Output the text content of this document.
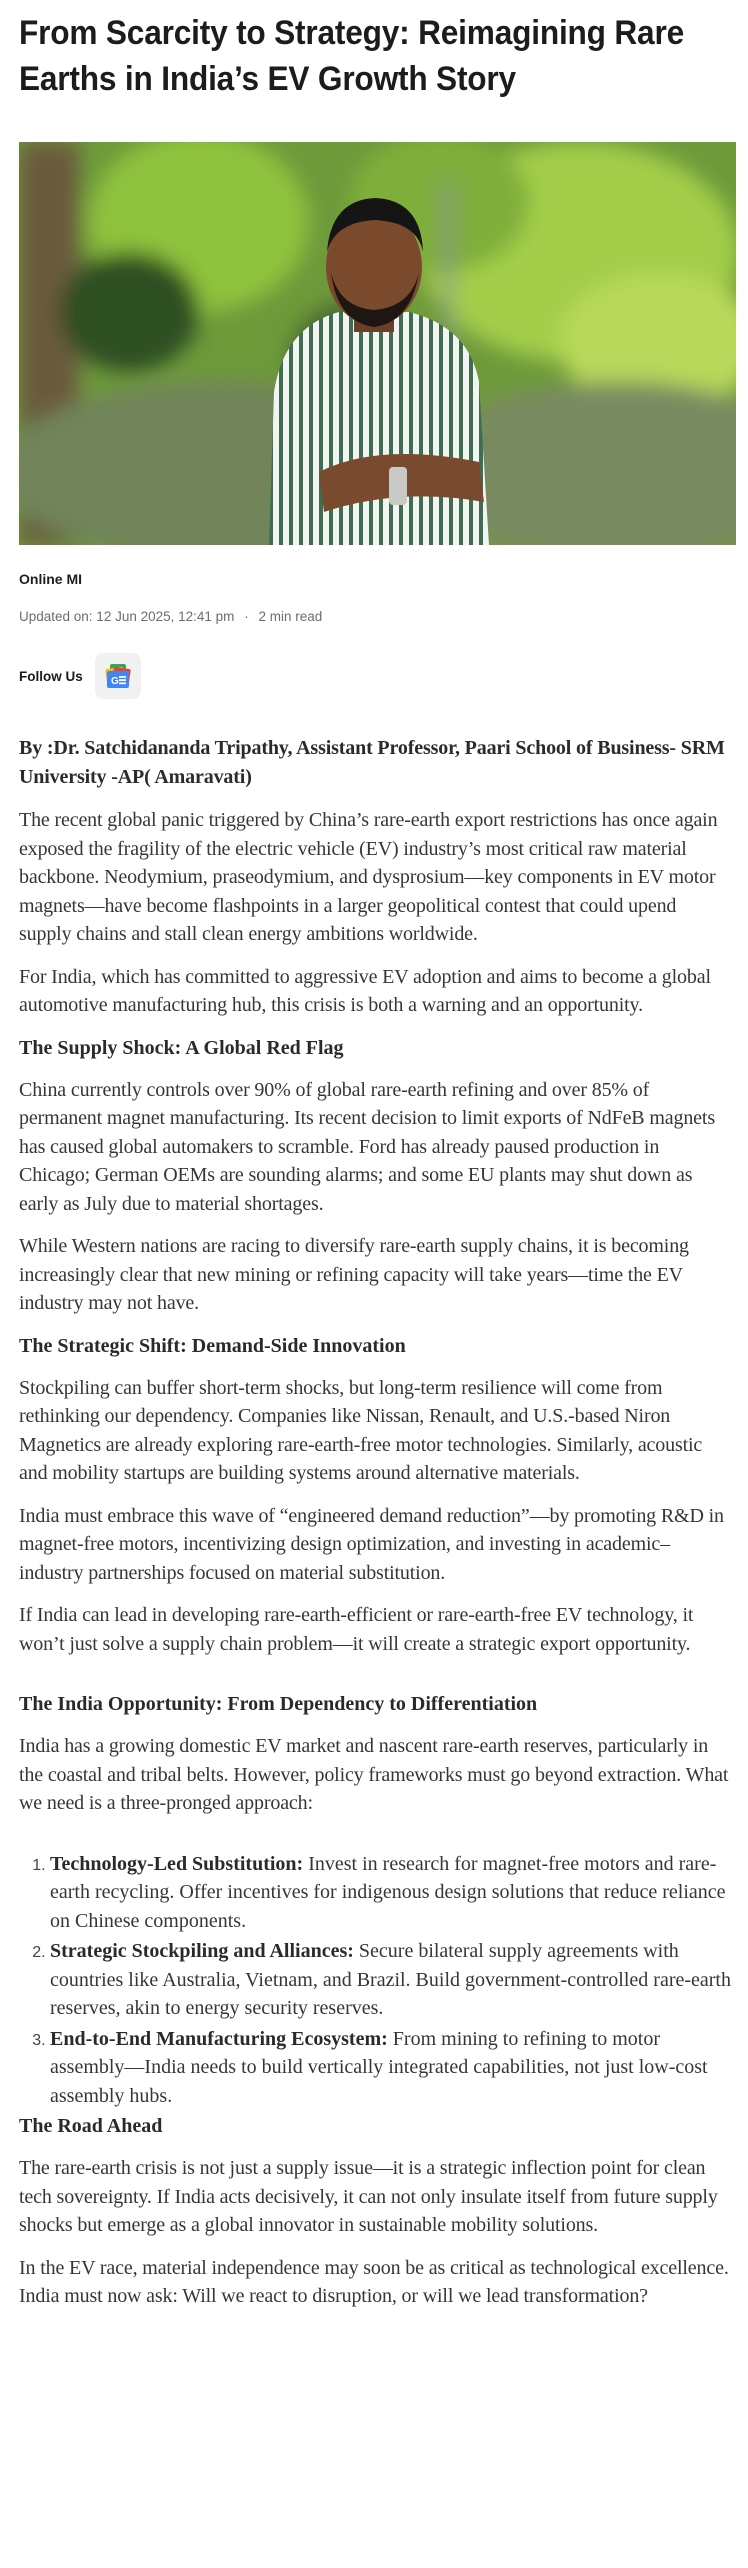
From Scarcity to Strategy: Reimagining Rare Earths in India’s EV Growth Story
Online MI
Updated on: 12 Jun 2025, 12:41 pm · 2 min read
Follow Us	G

By :Dr. Satchidananda Tripathy, Assistant Professor, Paari School of Business- SRM University -AP( Amaravati)

The recent global panic triggered by China’s rare-earth export restrictions has once again exposed the fragility of the electric vehicle (EV) industry’s most critical raw material backbone. Neodymium, praseodymium, and dysprosium—key components in EV motor magnets—have become flashpoints in a larger geopolitical contest that could upend supply chains and stall clean energy ambitions worldwide.

For India, which has committed to aggressive EV adoption and aims to become a global automotive manufacturing hub, this crisis is both a warning and an opportunity.

The Supply Shock: A Global Red Flag

China currently controls over 90% of global rare-earth refining and over 85% of permanent magnet manufacturing. Its recent decision to limit exports of NdFeB magnets has caused global automakers to scramble. Ford has already paused production in Chicago; German OEMs are sounding alarms; and some EU plants may shut down as early as July due to material shortages.

While Western nations are racing to diversify rare-earth supply chains, it is becoming increasingly clear that new mining or refining capacity will take years—time the EV industry may not have.

The Strategic Shift: Demand-Side Innovation

Stockpiling can buffer short-term shocks, but long-term resilience will come from rethinking our dependency. Companies like Nissan, Renault, and U.S.-based Niron Magnetics are already exploring rare-earth-free motor technologies. Similarly, acoustic and mobility startups are building systems around alternative materials.

India must embrace this wave of “engineered demand reduction”—by promoting R&D in magnet-free motors, incentivizing design optimization, and investing in academic–industry partnerships focused on material substitution.

If India can lead in developing rare-earth-efficient or rare-earth-free EV technology, it won’t just solve a supply chain problem—it will create a strategic export opportunity.

The India Opportunity: From Dependency to Differentiation

India has a growing domestic EV market and nascent rare-earth reserves, particularly in the coastal and tribal belts. However, policy frameworks must go beyond extraction. What we need is a three-pronged approach:

1. Technology-Led Substitution: Invest in research for magnet-free motors and rare-earth recycling. Offer incentives for indigenous design solutions that reduce reliance on Chinese components.
2. Strategic Stockpiling and Alliances: Secure bilateral supply agreements with countries like Australia, Vietnam, and Brazil. Build government-controlled rare-earth reserves, akin to energy security reserves.
3. End-to-End Manufacturing Ecosystem: From mining to refining to motor assembly—India needs to build vertically integrated capabilities, not just low-cost assembly hubs.
The Road Ahead

The rare-earth crisis is not just a supply issue—it is a strategic inflection point for clean tech sovereignty. If India acts decisively, it can not only insulate itself from future supply shocks but emerge as a global innovator in sustainable mobility solutions.

In the EV race, material independence may soon be as critical as technological excellence. India must now ask: Will we react to disruption, or will we lead transformation?
